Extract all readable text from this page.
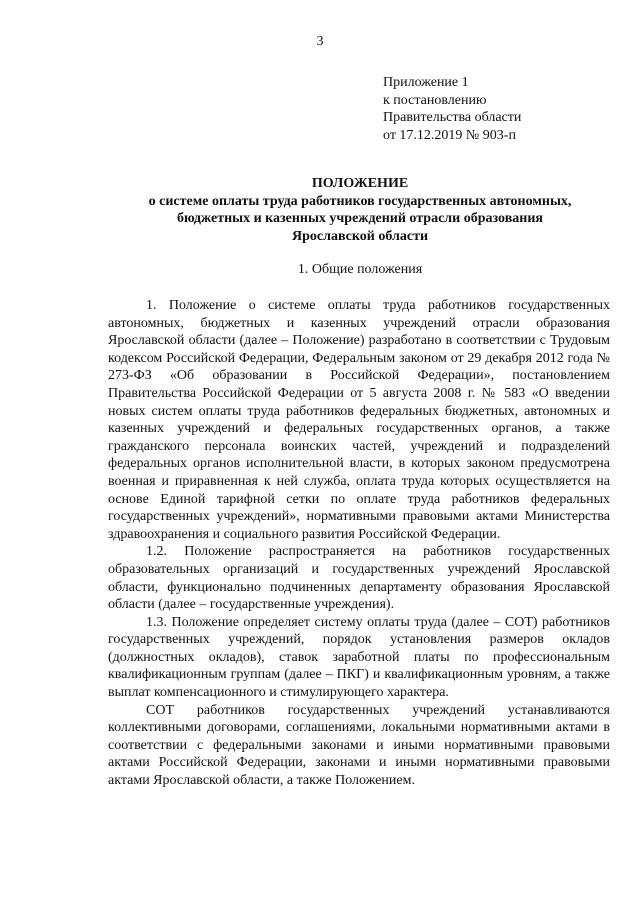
3
Приложение 1
к постановлению
Правительства области
от 17.12.2019 № 903-п
ПОЛОЖЕНИЕ
о системе оплаты труда работников государственных автономных,
бюджетных и казенных учреждений отрасли образования
Ярославской области
1. Общие положения

1. Положение о системе оплаты труда работников государственных автономных, бюджетных и казенных учреждений отрасли образования Ярославской области (далее – Положение) разработано в соответствии с Трудовым кодексом Российской Федерации, Федеральным законом от 29 декабря 2012 года № 273-ФЗ «Об образовании в Российской Федерации», постановлением Правительства Российской Федерации от 5 августа 2008 г. № 583 «О введении новых систем оплаты труда работников федеральных бюджетных, автономных и казенных учреждений и федеральных государственных органов, а также гражданского персонала воинских частей, учреждений и подразделений федеральных органов исполнительной власти, в которых законом предусмотрена военная и приравненная к ней служба, оплата труда которых осуществляется на основе Единой тарифной сетки по оплате труда работников федеральных государственных учреждений», нормативными правовыми актами Министерства здравоохранения и социального развития Российской Федерации.

1.2. Положение распространяется на работников государственных образовательных организаций и государственных учреждений Ярославской области, функционально подчиненных департаменту образования Ярославской области (далее – государственные учреждения).

1.3. Положение определяет систему оплаты труда (далее – СОТ) работников государственных учреждений, порядок установления размеров окладов (должностных окладов), ставок заработной платы по профессиональным квалификационным группам (далее – ПКГ) и квалификационным уровням, а также выплат компенсационного и стимулирующего характера.

СОТ работников государственных учреждений устанавливаются коллективными договорами, соглашениями, локальными нормативными актами в соответствии с федеральными законами и иными нормативными правовыми актами Российской Федерации, законами и иными нормативными правовыми актами Ярославской области, а также Положением.
